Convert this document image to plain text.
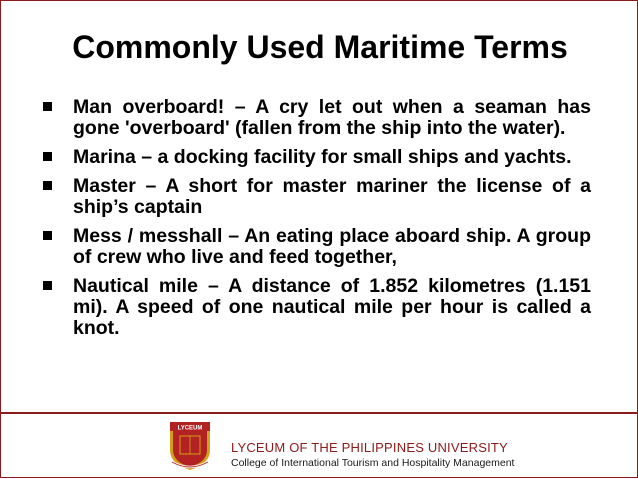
Commonly Used Maritime Terms
Man overboard! – A cry let out when a seaman has gone 'overboard' (fallen from the ship into the water).
Marina – a docking facility for small ships and yachts.
Master – A short for master mariner the license of a ship’s captain
Mess / messhall – An eating place aboard ship. A group of crew who live and feed together,
Nautical mile – A distance of 1.852 kilometres (1.151 mi). A speed of one nautical mile per hour is called a knot.
LYCEUM
LYCEUM OF THE PHILIPPINES UNIVERSITY
College of International Tourism and Hospitality Management
